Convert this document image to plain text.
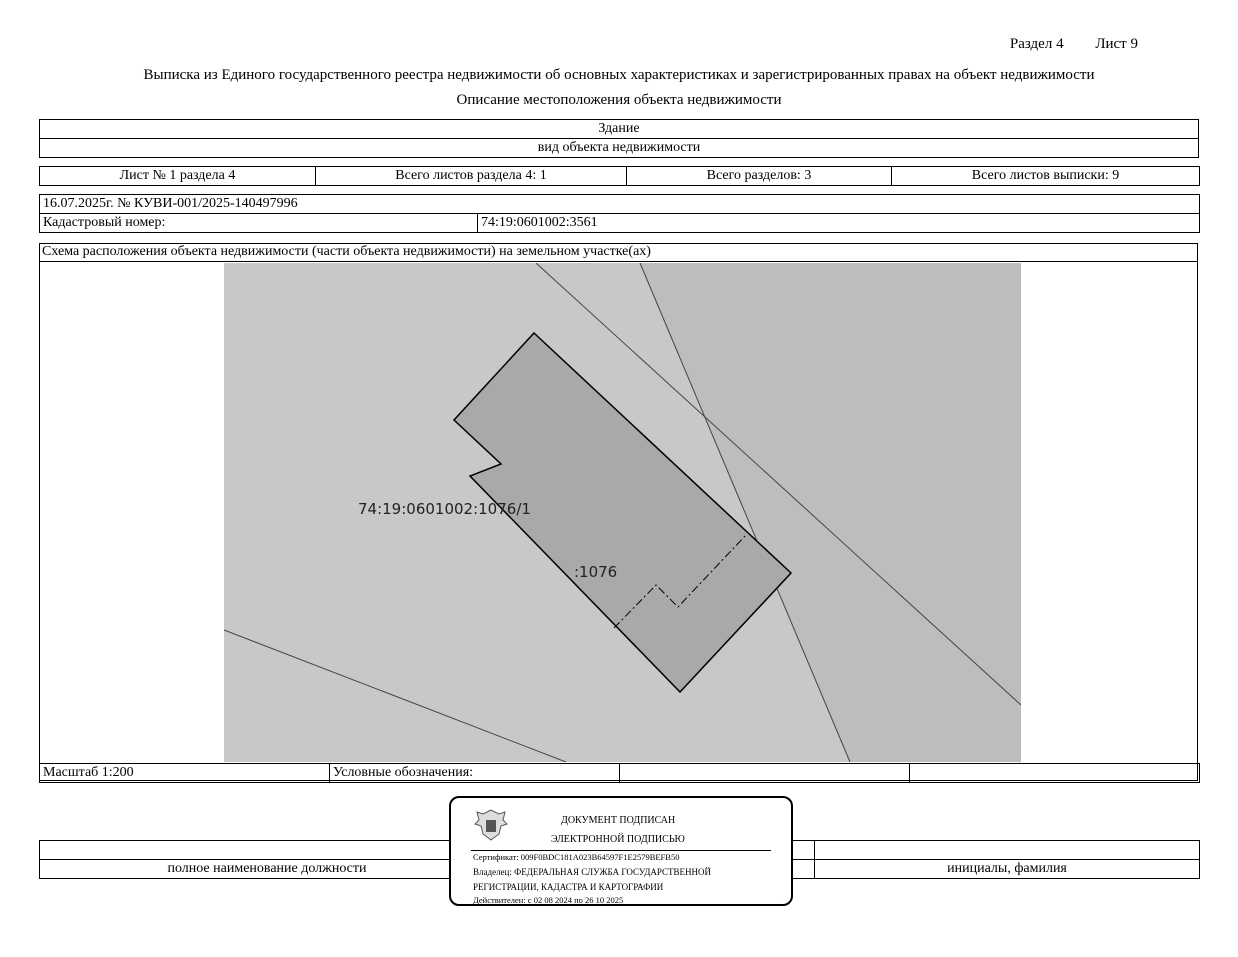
Раздел 4 Лист 9
Выписка из Единого государственного реестра недвижимости об основных характеристиках и зарегистрированных правах на объект недвижимости
Описание местоположения объекта недвижимости
Здание
вид объекта недвижимости
Лист № 1 раздела 4	Всего листов раздела 4: 1	Всего разделов: 3	Всего листов выписки: 9
16.07.2025г. № КУВИ-001/2025-140497996
Кадастровый номер:	74:19:0601002:3561
Схема расположения объекта недвижимости (части объекта недвижимости) на земельном участке(ах)
74:19:0601002:1076/1
:1076
Масштаб 1:200	Условные обозначения:		

полное наименование должности		инициалы, фамилия
ДОКУМЕНТ ПОДПИСАН
ЭЛЕКТРОННОЙ ПОДПИСЬЮ
Сертификат: 009F0BDC181A023B64597F1E2579BEFB50
Владелец: ФЕДЕРАЛЬНАЯ СЛУЖБА ГОСУДАРСТВЕННОЙ
РЕГИСТРАЦИИ, КАДАСТРА И КАРТОГРАФИИ
Действителен: с 02 08 2024 по 26 10 2025
